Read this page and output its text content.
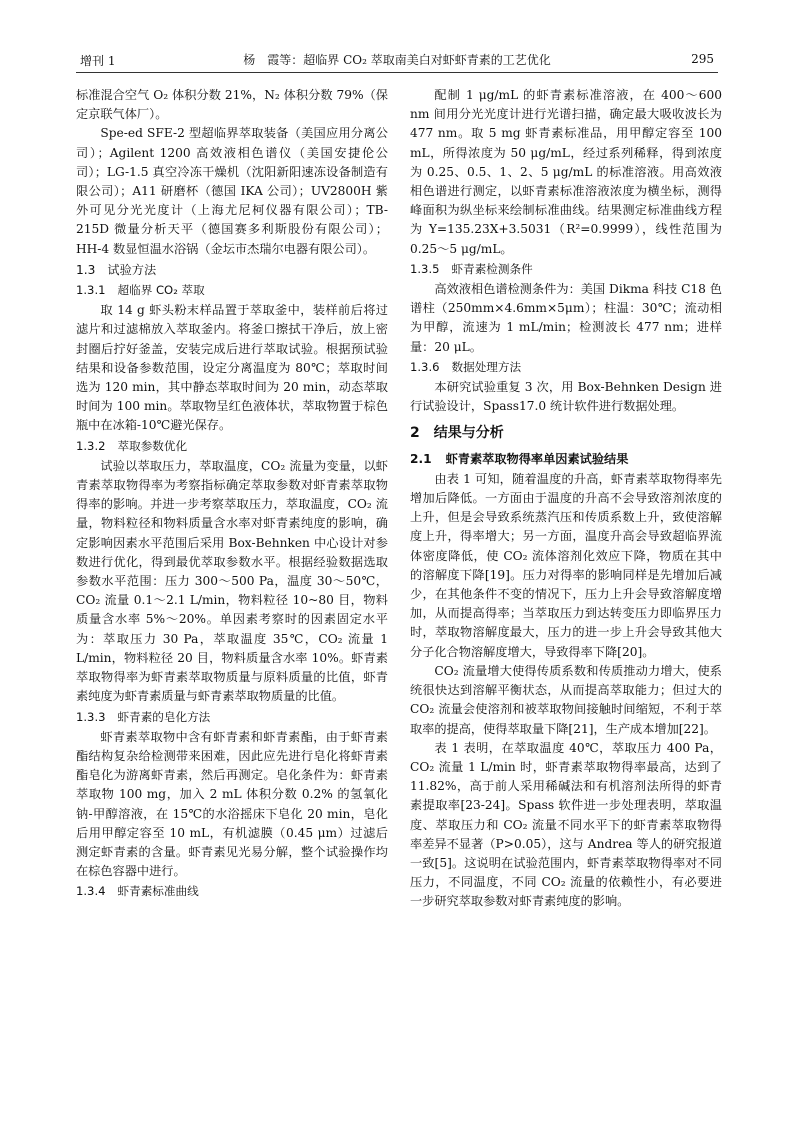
增刊 1	杨　霞等：超临界 CO₂ 萃取南美白对虾虾青素的工艺优化	295

标准混合空气 O₂ 体积分数 21%，N₂ 体积分数 79%（保定京联气体厂）。

Spe-ed SFE-2 型超临界萃取装备（美国应用分离公司）；Agilent 1200 高效液相色谱仪（美国安捷伦公司）；LG-1.5 真空冷冻干燥机（沈阳新阳速冻设备制造有限公司）；A11 研磨杯（德国 IKA 公司）；UV2800H 紫外可见分光光度计（上海尤尼柯仪器有限公司）；TB-215D 微量分析天平（德国赛多利斯股份有限公司）；HH-4 数显恒温水浴锅（金坛市杰瑞尔电器有限公司）。

1.3 试验方法
1.3.1 超临界 CO₂ 萃取

取 14 g 虾头粉末样品置于萃取釜中，装样前后将过滤片和过滤棉放入萃取釜内。将釜口擦拭干净后，放上密封圈后拧好釜盖，安装完成后进行萃取试验。根据预试验结果和设备参数范围，设定分离温度为 80℃；萃取时间选为 120 min，其中静态萃取时间为 20 min，动态萃取时间为 100 min。萃取物呈红色液体状，萃取物置于棕色瓶中在冰箱-10℃避光保存。

1.3.2 萃取参数优化

试验以萃取压力，萃取温度，CO₂ 流量为变量，以虾青素萃取物得率为考察指标确定萃取参数对虾青素萃取物得率的影响。并进一步考察萃取压力，萃取温度，CO₂ 流量，物料粒径和物料质量含水率对虾青素纯度的影响，确定影响因素水平范围后采用 Box-Behnken 中心设计对参数进行优化，得到最优萃取参数水平。根据经验数据选取参数水平范围：压力 300～500 Pa，温度 30～50℃，CO₂ 流量 0.1～2.1 L/min，物料粒径 10~80 目，物料质量含水率 5%～20%。单因素考察时的因素固定水平为：萃取压力 30 Pa，萃取温度 35℃，CO₂ 流量 1 L/min，物料粒径 20 目，物料质量含水率 10%。虾青素萃取物得率为虾青素萃取物质量与原料质量的比值，虾青素纯度为虾青素质量与虾青素萃取物质量的比值。

1.3.3 虾青素的皂化方法

虾青素萃取物中含有虾青素和虾青素酯，由于虾青素酯结构复杂给检测带来困难，因此应先进行皂化将虾青素酯皂化为游离虾青素，然后再测定。皂化条件为：虾青素萃取物 100 mg，加入 2 mL 体积分数 0.2% 的氢氧化钠-甲醇溶液，在 15℃的水浴摇床下皂化 20 min，皂化后用甲醇定容至 10 mL，有机滤膜（0.45 μm）过滤后测定虾青素的含量。虾青素见光易分解，整个试验操作均在棕色容器中进行。

1.3.4 虾青素标准曲线

配制 1 μg/mL 的虾青素标准溶液，在 400～600 nm 间用分光光度计进行光谱扫描，确定最大吸收波长为 477 nm。取 5 mg 虾青素标准品，用甲醇定容至 100 mL，所得浓度为 50 μg/mL，经过系列稀释，得到浓度为 0.25、0.5、1、2、5 μg/mL 的标准溶液。用高效液相色谱进行测定，以虾青素标准溶液浓度为横坐标，测得峰面积为纵坐标来绘制标准曲线。结果测定标准曲线方程为 Y=135.23X+3.5031（R²=0.9999），线性范围为 0.25～5 μg/mL。

1.3.5 虾青素检测条件

高效液相色谱检测条件为：美国 Dikma 科技 C18 色谱柱（250mm×4.6mm×5μm）；柱温：30℃；流动相为甲醇，流速为 1 mL/min；检测波长 477 nm；进样量：20 μL。

1.3.6 数据处理方法

本研究试验重复 3 次，用 Box-Behnken Design 进行试验设计，Spass17.0 统计软件进行数据处理。

2 结果与分析
2.1 虾青素萃取物得率单因素试验结果

由表 1 可知，随着温度的升高，虾青素萃取物得率先增加后降低。一方面由于温度的升高不会导致溶剂浓度的上升，但是会导致系统蒸汽压和传质系数上升，致使溶解度上升，得率增大；另一方面，温度升高会导致超临界流体密度降低，使 CO₂ 流体溶剂化效应下降，物质在其中的溶解度下降[19]。压力对得率的影响同样是先增加后减少，在其他条件不变的情况下，压力上升会导致溶解度增加，从而提高得率；当萃取压力到达转变压力即临界压力时，萃取物溶解度最大，压力的进一步上升会导致其他大分子化合物溶解度增大，导致得率下降[20]。

CO₂ 流量增大使得传质系数和传质推动力增大，使系统很快达到溶解平衡状态，从而提高萃取能力；但过大的 CO₂ 流量会使溶剂和被萃取物间接触时间缩短，不利于萃取率的提高，使得萃取量下降[21]，生产成本增加[22]。

表 1 表明，在萃取温度 40℃，萃取压力 400 Pa，CO₂ 流量 1 L/min 时，虾青素萃取物得率最高，达到了 11.82%，高于前人采用稀碱法和有机溶剂法所得的虾青素提取率[23-24]。Spass 软件进一步处理表明，萃取温度、萃取压力和 CO₂ 流量不同水平下的虾青素萃取物得率差异不显著（P>0.05），这与 Andrea 等人的研究报道一致[5]。这说明在试验范围内，虾青素萃取物得率对不同压力，不同温度，不同 CO₂ 流量的依赖性小，有必要进一步研究萃取参数对虾青素纯度的影响。
